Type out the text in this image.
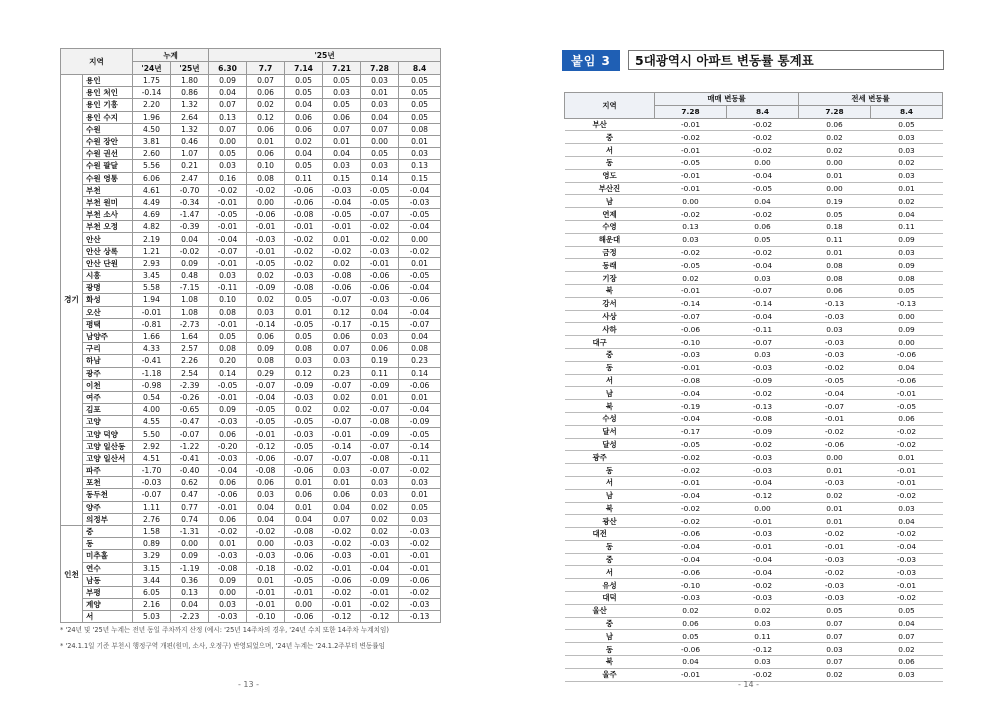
지역		누계		'25년					
		'24년	'25년	6.30	7.7	7.14	7.21	7.28	8.4
경기	용인	1.75	1.80	0.09	0.07	0.05	0.05	0.03	0.05
	용인 처인	-0.14	0.86	0.04	0.06	0.05	0.03	0.01	0.05
	용인 기흥	2.20	1.32	0.07	0.02	0.04	0.05	0.03	0.05
	용인 수지	1.96	2.64	0.13	0.12	0.06	0.06	0.04	0.05
	수원	4.50	1.32	0.07	0.06	0.06	0.07	0.07	0.08
	수원 장안	3.81	0.46	0.00	0.01	0.02	0.01	0.00	0.01
	수원 권선	2.60	1.07	0.05	0.06	0.04	0.04	0.05	0.03
	수원 팔달	5.56	0.21	0.03	0.10	0.05	0.03	0.03	0.13
	수원 영통	6.06	2.47	0.16	0.08	0.11	0.15	0.14	0.15
	부천	4.61	-0.70	-0.02	-0.02	-0.06	-0.03	-0.05	-0.04
	부천 원미	4.49	-0.34	-0.01	0.00	-0.06	-0.04	-0.05	-0.03
	부천 소사	4.69	-1.47	-0.05	-0.06	-0.08	-0.05	-0.07	-0.05
	부천 오정	4.82	-0.39	-0.01	-0.01	-0.01	-0.01	-0.02	-0.04
	안산	2.19	0.04	-0.04	-0.03	-0.02	0.01	-0.02	0.00
	안산 상록	1.21	-0.02	-0.07	-0.01	-0.02	-0.02	-0.03	-0.02
	안산 단원	2.93	0.09	-0.01	-0.05	-0.02	0.02	-0.01	0.01
	시흥	3.45	0.48	0.03	0.02	-0.03	-0.08	-0.06	-0.05
	광명	5.58	-7.15	-0.11	-0.09	-0.08	-0.06	-0.06	-0.04
	화성	1.94	1.08	0.10	0.02	0.05	-0.07	-0.03	-0.06
	오산	-0.01	1.08	0.08	0.03	0.01	0.12	0.04	-0.04
	평택	-0.81	-2.73	-0.01	-0.14	-0.05	-0.17	-0.15	-0.07
	남양주	1.66	1.64	0.05	0.06	0.05	0.06	0.03	0.04
	구리	4.33	2.57	0.08	0.09	0.08	0.07	0.06	0.08
	하남	-0.41	2.26	0.20	0.08	0.03	0.03	0.19	0.23
	광주	-1.18	2.54	0.14	0.29	0.12	0.23	0.11	0.14
	이천	-0.98	-2.39	-0.05	-0.07	-0.09	-0.07	-0.09	-0.06
	여주	0.54	-0.26	-0.01	-0.04	-0.03	0.02	0.01	0.01
	김포	4.00	-0.65	0.09	-0.05	0.02	0.02	-0.07	-0.04
	고양	4.55	-0.47	-0.03	-0.05	-0.05	-0.07	-0.08	-0.09
	고양 덕양	5.50	-0.07	0.06	-0.01	-0.03	-0.01	-0.09	-0.05
	고양 일산동	2.92	-1.22	-0.20	-0.12	-0.05	-0.14	-0.07	-0.14
	고양 일산서	4.51	-0.41	-0.03	-0.06	-0.07	-0.07	-0.08	-0.11
	파주	-1.70	-0.40	-0.04	-0.08	-0.06	0.03	-0.07	-0.02
	포천	-0.03	0.62	0.06	0.06	0.01	0.01	0.03	0.03
	동두천	-0.07	0.47	-0.06	0.03	0.06	0.06	0.03	0.01
	양주	1.11	0.77	-0.01	0.04	0.01	0.04	0.02	0.05
	의정부	2.76	0.74	0.06	0.04	0.04	0.07	0.02	0.03
인천	중	1.58	-1.31	-0.02	-0.02	-0.08	-0.02	0.02	-0.03
	동	0.89	0.00	0.01	0.00	-0.03	-0.02	-0.03	-0.02
	미추홀	3.29	0.09	-0.03	-0.03	-0.06	-0.03	-0.01	-0.01
	연수	3.15	-1.19	-0.08	-0.18	-0.02	-0.01	-0.04	-0.01
	남동	3.44	0.36	0.09	0.01	-0.05	-0.06	-0.09	-0.06
	부평	6.05	0.13	0.00	-0.01	-0.01	-0.02	-0.01	-0.02
	계양	2.16	0.04	0.03	-0.01	0.00	-0.01	-0.02	-0.03
	서	5.03	-2.23	-0.03	-0.10	-0.06	-0.12	-0.12	-0.13
* '24년 및 '25년 누계는 전년 동일 주차까지 산정 (예시: '25년 14주차의 경우, '24년 수치 또한 14주차 누계치임)
* '24.1.1일 기준 부천시 행정구역 개편(원미, 소사, 오정구) 반영되었으며, '24년 누계는 '24.1.2주부터 변동률임
- 13 -
붙임 3	5대광역시 아파트 변동률 통계표
지역	매매 변동률		전세 변동률	
	7.28	8.4	7.28	8.4
부산	-0.01	-0.02	0.06	0.05
중	-0.02	-0.02	0.02	0.03
서	-0.01	-0.02	0.02	0.03
동	-0.05	0.00	0.00	0.02
영도	-0.01	-0.04	0.01	0.03
부산진	-0.01	-0.05	0.00	0.01
남	0.00	0.04	0.19	0.02
연제	-0.02	-0.02	0.05	0.04
수영	0.13	0.06	0.18	0.11
해운대	0.03	0.05	0.11	0.09
금정	-0.02	-0.02	0.01	0.03
동래	-0.05	-0.04	0.08	0.09
기장	0.02	0.03	0.08	0.08
북	-0.01	-0.07	0.06	0.05
강서	-0.14	-0.14	-0.13	-0.13
사상	-0.07	-0.04	-0.03	0.00
사하	-0.06	-0.11	0.03	0.09
대구	-0.10	-0.07	-0.03	0.00
중	-0.03	0.03	-0.03	-0.06
동	-0.01	-0.03	-0.02	0.04
서	-0.08	-0.09	-0.05	-0.06
남	-0.04	-0.02	-0.04	-0.01
북	-0.19	-0.13	-0.07	-0.05
수성	-0.04	-0.08	-0.01	0.06
달서	-0.17	-0.09	-0.02	-0.02
달성	-0.05	-0.02	-0.06	-0.02
광주	-0.02	-0.03	0.00	0.01
동	-0.02	-0.03	0.01	-0.01
서	-0.01	-0.04	-0.03	-0.01
남	-0.04	-0.12	0.02	-0.02
북	-0.02	0.00	0.01	0.03
광산	-0.02	-0.01	0.01	0.04
대전	-0.06	-0.03	-0.02	-0.02
동	-0.04	-0.01	-0.01	-0.04
중	-0.04	-0.04	-0.03	-0.03
서	-0.06	-0.04	-0.02	-0.03
유성	-0.10	-0.02	-0.03	-0.01
대덕	-0.03	-0.03	-0.03	-0.02
울산	0.02	0.02	0.05	0.05
중	0.06	0.03	0.07	0.04
남	0.05	0.11	0.07	0.07
동	-0.06	-0.12	0.03	0.02
북	0.04	0.03	0.07	0.06
울주	-0.01	-0.02	0.02	0.03
- 14 -
